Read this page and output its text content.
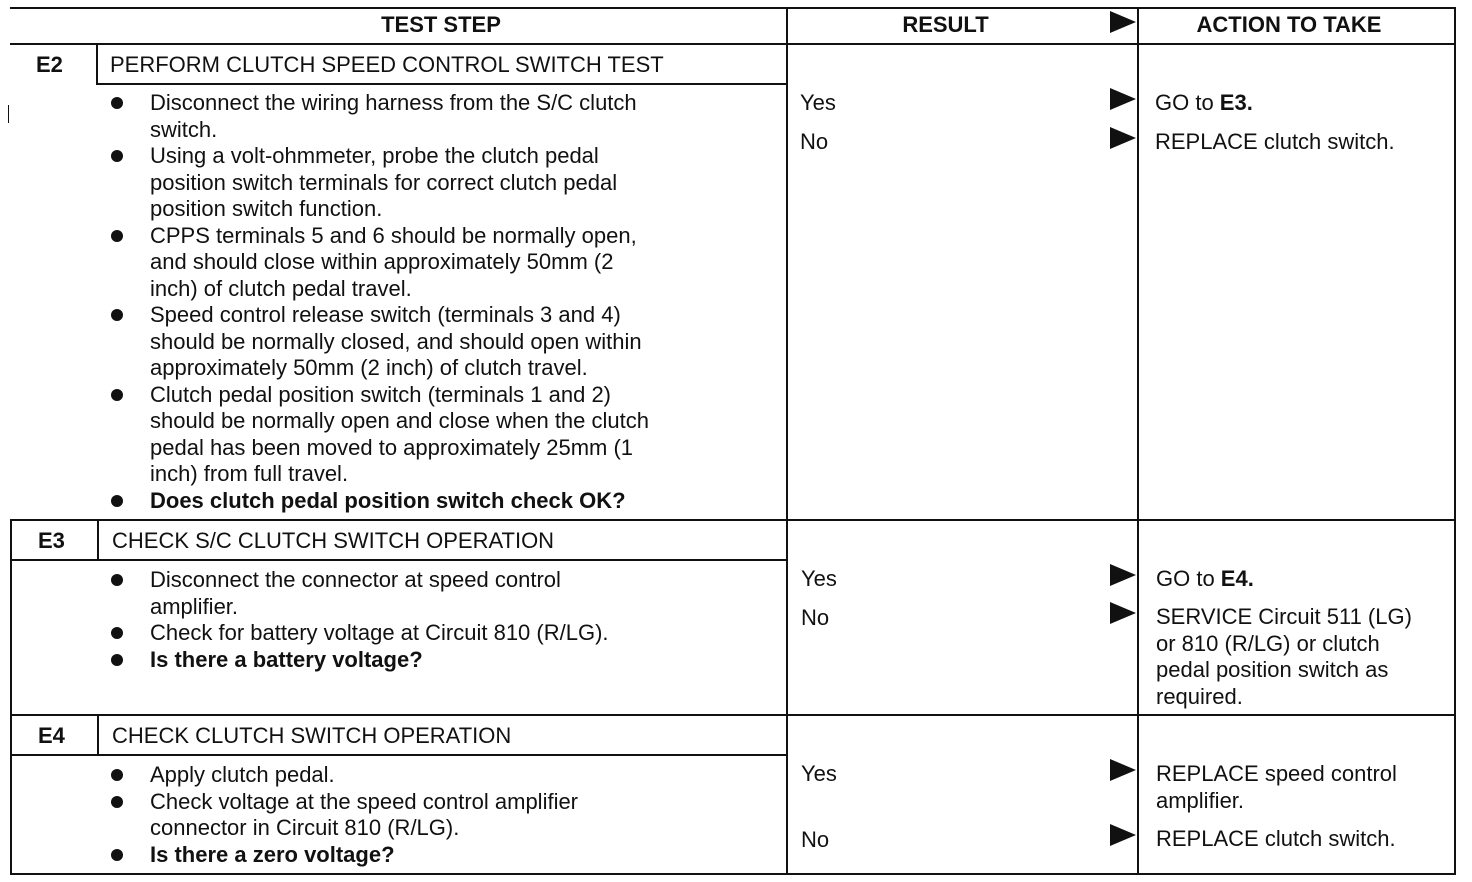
TEST STEP	RESULT	ACTION TO TAKE
E2 PERFORM CLUTCH SPEED CONTROL SWITCH TEST
Disconnect the wiring harness from the S/C clutch
switch.
Using a volt-ohmmeter, probe the clutch pedal
position switch terminals for correct clutch pedal
position switch function.
CPPS terminals 5 and 6 should be normally open,
and should close within approximately 50mm (2
inch) of clutch pedal travel.
Speed control release switch (terminals 3 and 4)
should be normally closed, and should open within
approximately 50mm (2 inch) of clutch travel.
Clutch pedal position switch (terminals 1 and 2)
should be normally open and close when the clutch
pedal has been moved to approximately 25mm (1
inch) from full travel.
Does clutch pedal position switch check OK?
Yes	GO to E3.
No	REPLACE clutch switch.
E3 CHECK S/C CLUTCH SWITCH OPERATION
Disconnect the connector at speed control
amplifier.
Check for battery voltage at Circuit 810 (R/LG).
Is there a battery voltage?
Yes	GO to E4.
No	SERVICE Circuit 511 (LG)
or 810 (R/LG) or clutch
pedal position switch as
required.
E4 CHECK CLUTCH SWITCH OPERATION
Apply clutch pedal.
Check voltage at the speed control amplifier
connector in Circuit 810 (R/LG).
Is there a zero voltage?
Yes	REPLACE speed control
amplifier.
No	REPLACE clutch switch.
